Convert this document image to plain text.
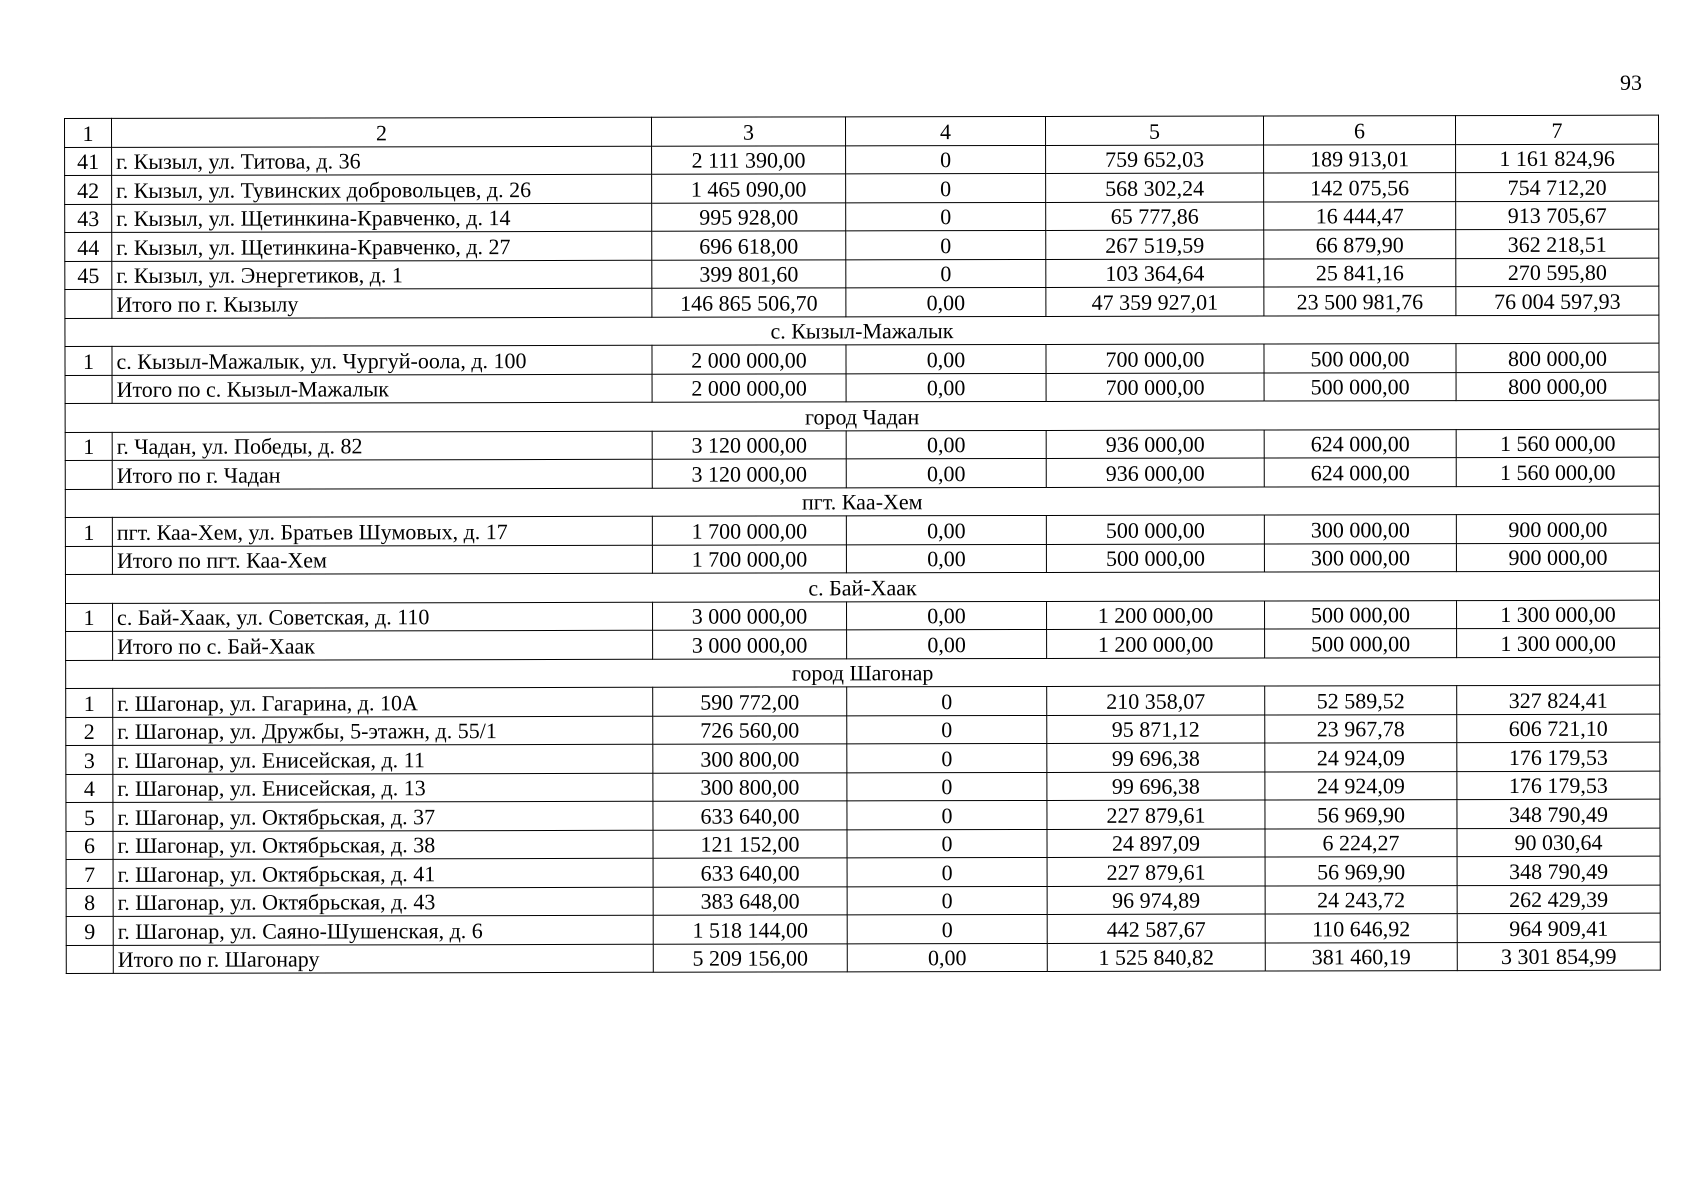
93
1	2	3	4	5	6	7
41	г. Кызыл, ул. Титова, д. 36	2 111 390,00	0	759 652,03	189 913,01	1 161 824,96
42	г. Кызыл, ул. Тувинских добровольцев, д. 26	1 465 090,00	0	568 302,24	142 075,56	754 712,20
43	г. Кызыл, ул. Щетинкина-Кравченко, д. 14	995 928,00	0	65 777,86	16 444,47	913 705,67
44	г. Кызыл, ул. Щетинкина-Кравченко, д. 27	696 618,00	0	267 519,59	66 879,90	362 218,51
45	г. Кызыл, ул. Энергетиков, д. 1	399 801,60	0	103 364,64	25 841,16	270 595,80
	Итого по г. Кызылу	146 865 506,70	0,00	47 359 927,01	23 500 981,76	76 004 597,93
с. Кызыл-Мажалык						
1	с. Кызыл-Мажалык, ул. Чургуй-оола, д. 100	2 000 000,00	0,00	700 000,00	500 000,00	800 000,00
	Итого по с. Кызыл-Мажалык	2 000 000,00	0,00	700 000,00	500 000,00	800 000,00
город Чадан						
1	г. Чадан, ул. Победы, д. 82	3 120 000,00	0,00	936 000,00	624 000,00	1 560 000,00
	Итого по г. Чадан	3 120 000,00	0,00	936 000,00	624 000,00	1 560 000,00
пгт. Каа-Хем						
1	пгт. Каа-Хем, ул. Братьев Шумовых, д. 17	1 700 000,00	0,00	500 000,00	300 000,00	900 000,00
	Итого по пгт. Каа-Хем	1 700 000,00	0,00	500 000,00	300 000,00	900 000,00
с. Бай-Хаак						
1	с. Бай-Хаак, ул. Советская, д. 110	3 000 000,00	0,00	1 200 000,00	500 000,00	1 300 000,00
	Итого по с. Бай-Хаак	3 000 000,00	0,00	1 200 000,00	500 000,00	1 300 000,00
город Шагонар						
1	г. Шагонар, ул. Гагарина, д. 10А	590 772,00	0	210 358,07	52 589,52	327 824,41
2	г. Шагонар, ул. Дружбы, 5-этажн, д. 55/1	726 560,00	0	95 871,12	23 967,78	606 721,10
3	г. Шагонар, ул. Енисейская, д. 11	300 800,00	0	99 696,38	24 924,09	176 179,53
4	г. Шагонар, ул. Енисейская, д. 13	300 800,00	0	99 696,38	24 924,09	176 179,53
5	г. Шагонар, ул. Октябрьская, д. 37	633 640,00	0	227 879,61	56 969,90	348 790,49
6	г. Шагонар, ул. Октябрьская, д. 38	121 152,00	0	24 897,09	6 224,27	90 030,64
7	г. Шагонар, ул. Октябрьская, д. 41	633 640,00	0	227 879,61	56 969,90	348 790,49
8	г. Шагонар, ул. Октябрьская, д. 43	383 648,00	0	96 974,89	24 243,72	262 429,39
9	г. Шагонар, ул. Саяно-Шушенская, д. 6	1 518 144,00	0	442 587,67	110 646,92	964 909,41
	Итого по г. Шагонару	5 209 156,00	0,00	1 525 840,82	381 460,19	3 301 854,99
